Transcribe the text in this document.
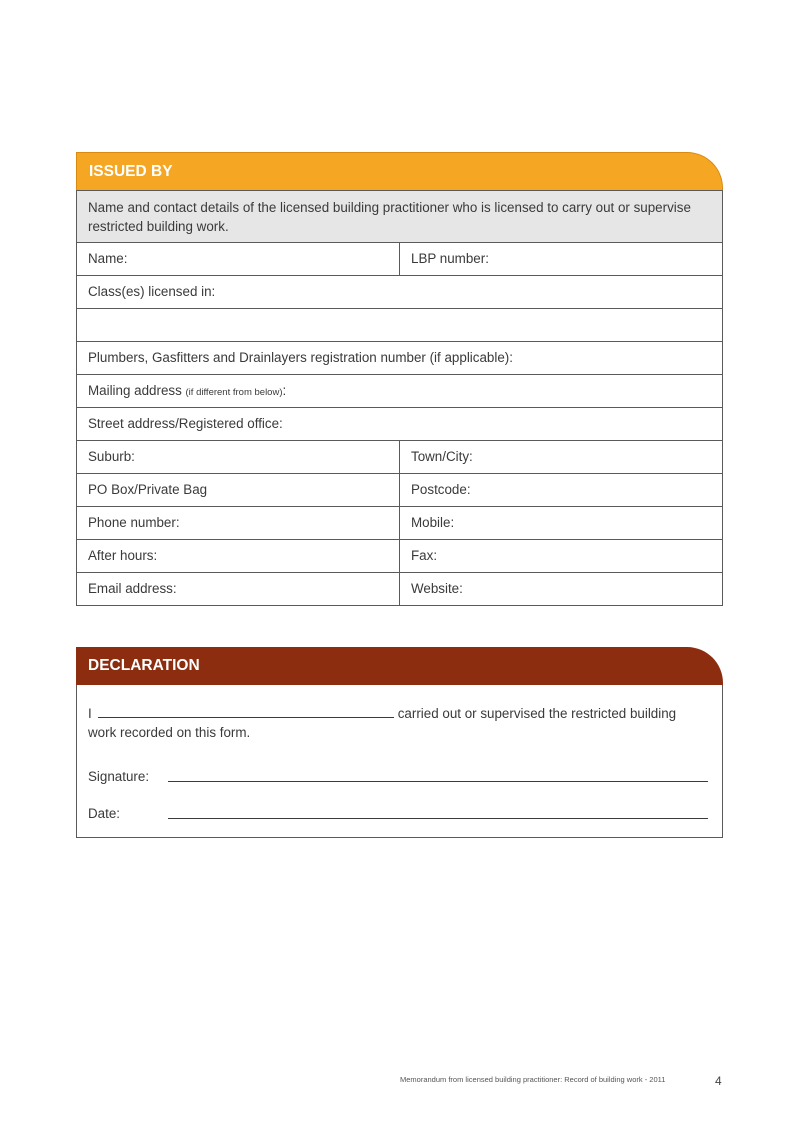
ISSUED BY
Name and contact details of the licensed building practitioner who is licensed to carry out or supervise restricted building work.
Name:	LBP number:
Class(es) licensed in:
Plumbers, Gasfitters and Drainlayers registration number (if applicable):
Mailing address (if different from below):
Street address/Registered office:
Suburb:	Town/City:
PO Box/Private Bag	Postcode:
Phone number:	Mobile:
After hours:	Fax:
Email address:	Website:
DECLARATION
I	carried out or supervised the restricted building
work recorded on this form.
Signature:
Date:
Memorandum from licensed building practitioner: Record of building work - 2011	4
